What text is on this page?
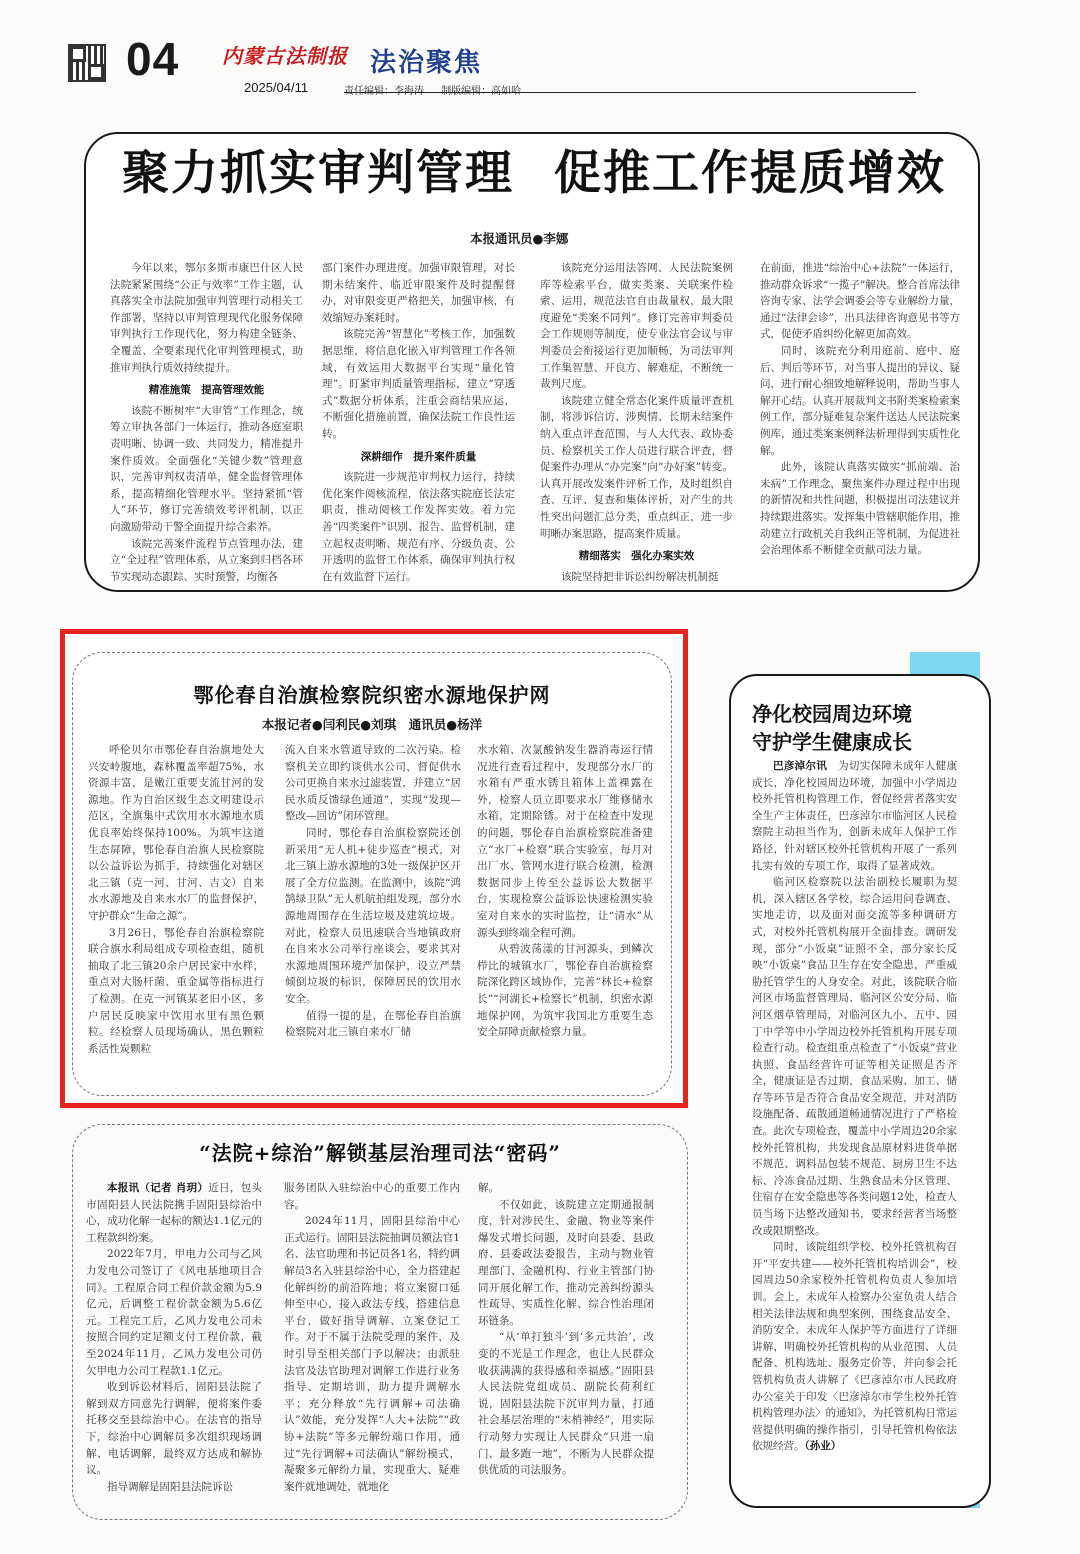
04 内蒙古法制报
2025/04/11
法治聚焦
聚力抓实审判管理 促推工作提质增效
本报通讯员●李娜

今年以来，鄂尔多斯市康巴什区人民法院紧紧围绕“公正与效率”工作主题，认真落实全市法院加强审判管理行动相关工作部署，坚持以审判管理现代化服务保障审判执行工作现代化，努力构建全链条、全覆盖、全要素现代化审判管理模式，助推审判执行质效持续提升。

精准施策　提高管理效能

该院不断树牢“大审管”工作理念，统筹立审执各部门一体运行，推动各庭室职责明晰、协调一致、共同发力，精准提升案件质效。全面强化“关键少数”管理意识，完善审判权责清单，健全监督管理体系，提高精细化管理水平。坚持紧抓“管人”环节，修订完善绩效考评机制，以正向激励带动干警全面提升综合素养。

该院完善案件流程节点管理办法，建立“全过程”管理体系，从立案到归档各环节实现动态跟踪、实时预警，均衡各

部门案件办理进度。加强审限管理，对长期未结案件、临近审限案件及时提醒督办，对审限变更严格把关，加强审核，有效缩短办案耗时。

该院完善“智慧化”考核工作，加强数据思维，将信息化嵌入审判管理工作各领域，有效运用大数据平台实现“量化管理”。盯紧审判质量管理指标，建立“穿透式”数据分析体系，注重会商结果应运，不断强化措施前置，确保法院工作良性运转。

深耕细作　提升案件质量

该院进一步规范审判权力运行，持续优化案件阅核流程，依法落实院庭长法定职责，推动阅核工作发挥实效。着力完善“四类案件”识别、报告、监督机制，建立起权责明晰、规范有序、分级负责、公开透明的监督工作体系，确保审判执行权在有效监督下运行。

该院充分运用法答网、人民法院案例库等检索平台，做实类案、关联案件检索、运用，规范法官自由裁量权，最大限度避免“类案不同判”。修订完善审判委员会工作规则等制度，使专业法官会议与审判委员会衔接运行更加顺畅，为司法审判工作集智慧、开良方、解难症，不断统一裁判尺度。

该院建立健全常态化案件质量评查机制，将涉诉信访、涉舆情、长期未结案件纳入重点评查范围，与人大代表、政协委员、检察机关工作人员进行联合评查，督促案件办理从“办完案”向“办好案”转变。认真开展改发案件评析工作，及时组织自查、互评、复查和集体评析，对产生的共性突出问题汇总分类，重点纠正，进一步明晰办案思路，提高案件质量。

精细落实　强化办案实效

该院坚持把非诉讼纠纷解决机制挺

在前面，推进“综治中心+法院”一体运行，推动群众诉求“一揽子”解决。整合首席法律咨询专家、法学会调委会等专业解纷力量，通过“法律会诊”，出具法律咨询意见书等方式，促使矛盾纠纷化解更加高效。

同时，该院充分利用庭前、庭中、庭后、判后等环节，对当事人提出的异议、疑问，进行耐心细致地解释说明，帮助当事人解开心结。认真开展裁判文书附类案检索案例工作，部分疑难复杂案件送达人民法院案例库，通过类案案例释法析理得到实质性化解。

此外，该院认真落实做实“抓前端、治未病”工作理念，聚焦案件办理过程中出现的新情况和共性问题，积极提出司法建议并持续跟进落实。发挥集中管辖职能作用，推动建立行政机关自我纠正等机制，为促进社会治理体系不断健全贡献司法力量。

鄂伦春自治旗检察院织密水源地保护网
本报记者●闫利民●刘琪　通讯员●杨洋

呼伦贝尔市鄂伦春自治旗地处大兴安岭腹地，森林覆盖率超75%，水资源丰富，是嫩江重要支流甘河的发源地。作为自治区级生态文明建设示范区，全旗集中式饮用水水源地水质优良率始终保持100%。为筑牢这道生态屏障，鄂伦春自治旗人民检察院以公益诉讼为抓手，持续强化对辖区北三镇（克一河、甘河、吉文）自来水水源地及自来水水厂的监督保护，守护群众“生命之源”。

3月26日，鄂伦春自治旗检察院联合旗水利局组成专项检查组，随机抽取了北三镇20余户居民家中水样，重点对大肠杆菌、重金属等指标进行了检测。在克一河镇某老旧小区，多户居民反映家中饮用水里有黑色颗粒。经检察人员现场确认，黑色颗粒系活性炭颗粒

流入自来水管道导致的二次污染。检察机关立即约谈供水公司，督促供水公司更换自来水过滤装置，并建立“居民水质反馈绿色通道”，实现“发现—整改—回访”闭环管理。

同时，鄂伦春自治旗检察院还创新采用“无人机+徒步巡查”模式，对北三镇上游水源地的3处一级保护区开展了全方位监测。在监测中，该院“鸿鹄绿卫队”无人机航拍组发现，部分水源地周围存在生活垃圾及建筑垃圾。对此，检察人员迅速联合当地镇政府在自来水公司举行座谈会，要求其对水源地周围环境严加保护，设立严禁倾倒垃圾的标识，保障居民的饮用水安全。

值得一提的是，在鄂伦春自治旗检察院对北三镇自来水厂储

水水箱、次氯酸钠发生器消毒运行情况进行查看过程中，发现部分水厂的水箱有严重水锈且箱体上盖裸露在外，检察人员立即要求水厂维修储水水箱，定期除锈。对于在检查中发现的问题，鄂伦春自治旗检察院准备建立“水厂+检察”联合实验室，每月对出厂水、管网水进行联合检测，检测数据同步上传至公益诉讼大数据平台，实现检察公益诉讼快速检测实验室对自来水的实时监控，让“清水”从源头到终端全程可溯。

从碧波荡漾的甘河源头，到鳞次栉比的城镇水厂，鄂伦春自治旗检察院深化跨区域协作，完善“林长+检察长”“河湖长+检察长”机制，织密水源地保护网，为筑牢我国北方重要生态安全屏障贡献检察力量。

“法院+综治”解锁基层治理司法“密码”

本报讯（记者 肖玥）近日，包头市固阳县人民法院携手固阳县综治中心，成功化解一起标的额达1.1亿元的工程款纠纷案。

2022年7月，甲电力公司与乙风力发电公司签订了《风电基地项目合同》。工程原合同工程价款金额为5.9亿元，后调整工程价款金额为5.6亿元。工程完工后，乙风力发电公司未按照合同约定足额支付工程价款，截至2024年11月，乙风力发电公司仍欠甲电力公司工程款1.1亿元。

收到诉讼材料后，固阳县法院了解到双方同意先行调解，便将案件委托移交至县综治中心。在法官的指导下，综治中心调解员多次组织现场调解、电话调解，最终双方达成和解协议。

指导调解是固阳县法院诉讼

服务团队入驻综治中心的重要工作内容。

2024年11月，固阳县综治中心正式运行。固阳县法院抽调员额法官1名、法官助理和书记员各1名，特约调解员3名入驻县综治中心，全力搭建起化解纠纷的前沿阵地；将立案窗口延伸至中心，接入政法专线，搭建信息平台，做好指导调解、立案登记工作。对于不属于法院受理的案件，及时引导至相关部门予以解决；由派驻法官及法官助理对调解工作进行业务指导、定期培训，助力提升调解水平；充分释放“先行调解+司法确认”效能，充分发挥“人大+法院”“政协+法院”等多元解纷端口作用，通过“先行调解+司法确认”解纷模式，凝聚多元解纷力量，实现重大、疑难案件就地调处、就地化

解。

不仅如此，该院建立定期通报制度，针对涉民生、金融、物业等案件爆发式增长问题，及时向县委、县政府、县委政法委报告，主动与物业管理部门、金融机构、行业主管部门协同开展化解工作，推动完善纠纷源头性疏导、实质性化解、综合性治理闭环链条。

“从‘单打独斗’到‘多元共治’，改变的不光是工作理念，也让人民群众收获满满的获得感和幸福感。”固阳县人民法院党组成员、副院长荷利红说，固阳县法院下沉审判力量，打通社会基层治理的“末梢神经”，用实际行动努力实现让人民群众“只进一扇门、最多跑一地”，不断为人民群众提供优质的司法服务。

净化校园周边环境
守护学生健康成长

巴彦淖尔讯　 为切实保障未成年人健康成长，净化校园周边环境，加强中小学周边校外托管机构管理工作，督促经营者落实安全生产主体责任，巴彦淖尔市临河区人民检察院主动担当作为，创新未成年人保护工作路径，针对辖区校外托管机构开展了一系列扎实有效的专项工作，取得了显著成效。

临河区检察院以法治副校长履职为契机，深入辖区各学校，综合运用问卷调查、实地走访，以及面对面交流等多种调研方式，对校外托管机构展开全面排查。调研发现，部分“小饭桌”证照不全，部分家长反映“小饭桌”食品卫生存在安全隐患，严重威胁托管学生的人身安全。对此，该院联合临河区市场监督管理局、临河区公安分局、临河区烟草管理局，对临河区九小、五中、园丁中学等中小学周边校外托管机构开展专项检查行动。检查组重点检查了“小饭桌”营业执照、食品经营许可证等相关证照是否齐全，健康证是否过期，食品采购、加工、储存等环节是否符合食品安全规范，并对消防设施配备、疏散通道畅通情况进行了严格检查。此次专项检查，覆盖中小学周边20余家校外托管机构，共发现食品原材料进货单据不规范、调料品包装不规范、厨房卫生不达标、冷冻食品过期、生熟食品未分区管理、住宿存在安全隐患等各类问题12处，检查人员当场下达整改通知书，要求经营者当场整改或限期整改。

同时，该院组织学校、校外托管机构召开“平安共建——校外托管机构培训会”，校园周边50余家校外托管机构负责人参加培训。会上，未成年人检察办公室负责人结合相关法律法规和典型案例，围绕食品安全、消防安全、未成年人保护等方面进行了详细讲解，明确校外托管机构的从业范围、人员配备、机构选址、服务定价等，并向参会托管机构负责人讲解了《巴彦淖尔市人民政府办公室关于印发〈巴彦淖尔市学生校外托管机构管理办法〉的通知》，为托管机构日常运营提供明确的操作指引，引导托管机构依法依规经营。（孙业）
